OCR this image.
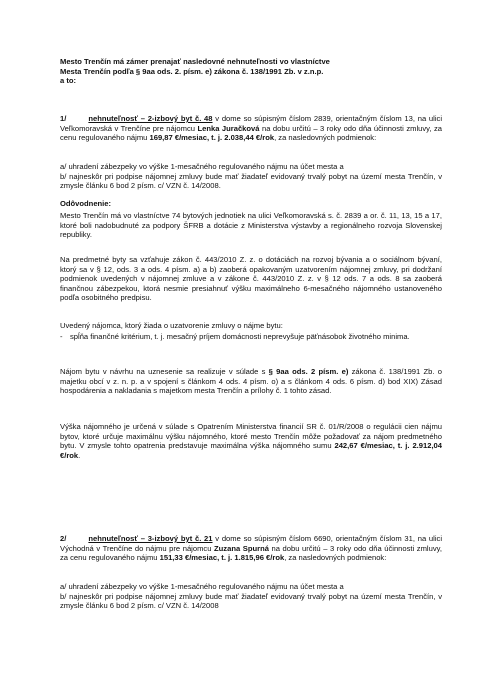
Mesto Trenčín má zámer prenajať nasledovné nehnuteľnosti vo vlastníctve
Mesta Trenčín podľa § 9aa ods. 2. písm. e) zákona č. 138/1991 Zb. v z.n.p.
a to:

1/	nehnuteľnosť – 2-izbový byt č. 48 v dome so súpisným číslom 2839, orientačným číslom 13, na ulici Veľkomoravská v Trenčíne pre nájomcu Lenka Juračková na dobu určitú – 3 roky odo dňa účinnosti zmluvy, za cenu regulovaného nájmu 169,87 €/mesiac, t. j. 2.038,44 €/rok, za nasledovných podmienok:

a/ uhradení zábezpeky vo výške 1-mesačného regulovaného nájmu na účet mesta a
b/ najneskôr pri podpise nájomnej zmluvy bude mať žiadateľ evidovaný trvalý pobyt na území mesta Trenčín, v zmysle článku 6 bod 2 písm. c/ VZN č. 14/2008.

Odôvodnenie:

Mesto Trenčín má vo vlastníctve 74 bytových jednotiek na ulici Veľkomoravská s. č. 2839 a or. č. 11, 13, 15 a 17, ktoré boli nadobudnuté za podpory ŠFRB a dotácie z Ministerstva výstavby a regionálneho rozvoja Slovenskej republiky.

Na predmetné byty sa vzťahuje zákon č. 443/2010 Z. z. o dotáciách na rozvoj bývania a o sociálnom bývaní, ktorý sa v § 12, ods. 3 a ods. 4 písm. a) a b) zaoberá opakovaným uzatvorením nájomnej zmluvy, pri dodržaní podmienok uvedených v nájomnej zmluve a v zákone č. 443/2010 Z. z. v § 12 ods. 7 a ods. 8 sa zaoberá finančnou zábezpekou, ktorá nesmie presiahnuť výšku maximálneho 6-mesačného nájomného ustanoveného podľa osobitného predpisu.

Uvedený nájomca, ktorý žiada o uzatvorenie zmluvy o nájme bytu:

- spĺňa finančné kritérium, t. j. mesačný príjem domácnosti neprevyšuje päťnásobok životného minima.

Nájom bytu v návrhu na uznesenie sa realizuje v súlade s § 9aa ods. 2 písm. e) zákona č. 138/1991 Zb. o majetku obcí v z. n. p. a v spojení s článkom 4 ods. 4 písm. o) a s článkom 4 ods. 6 písm. d) bod XIX) Zásad hospodárenia a nakladania s majetkom mesta Trenčín a prílohy č. 1 tohto zásad.

Výška nájomného je určená v súlade s Opatrením Ministerstva financií SR č. 01/R/2008 o regulácii cien nájmu bytov, ktoré určuje maximálnu výšku nájomného, ktoré mesto Trenčín môže požadovať za nájom predmetného bytu. V zmysle tohto opatrenia predstavuje maximálna výška nájomného sumu 242,67 €/mesiac, t. j. 2.912,04 €/rok.

2/	nehnuteľnosť – 3-izbový byt č. 21 v dome so súpisným číslom 6690, orientačným číslom 31, na ulici Východná v Trenčíne do nájmu pre nájomcu Zuzana Spurná na dobu určitú – 3 roky odo dňa účinnosti zmluvy, za cenu regulovaného nájmu 151,33 €/mesiac, t. j. 1.815,96 €/rok, za nasledovných podmienok:

a/ uhradení zábezpeky vo výške 1-mesačného regulovaného nájmu na účet mesta a
b/ najneskôr pri podpise nájomnej zmluvy bude mať žiadateľ evidovaný trvalý pobyt na území mesta Trenčín, v zmysle článku 6 bod 2 písm. c/ VZN č. 14/2008
